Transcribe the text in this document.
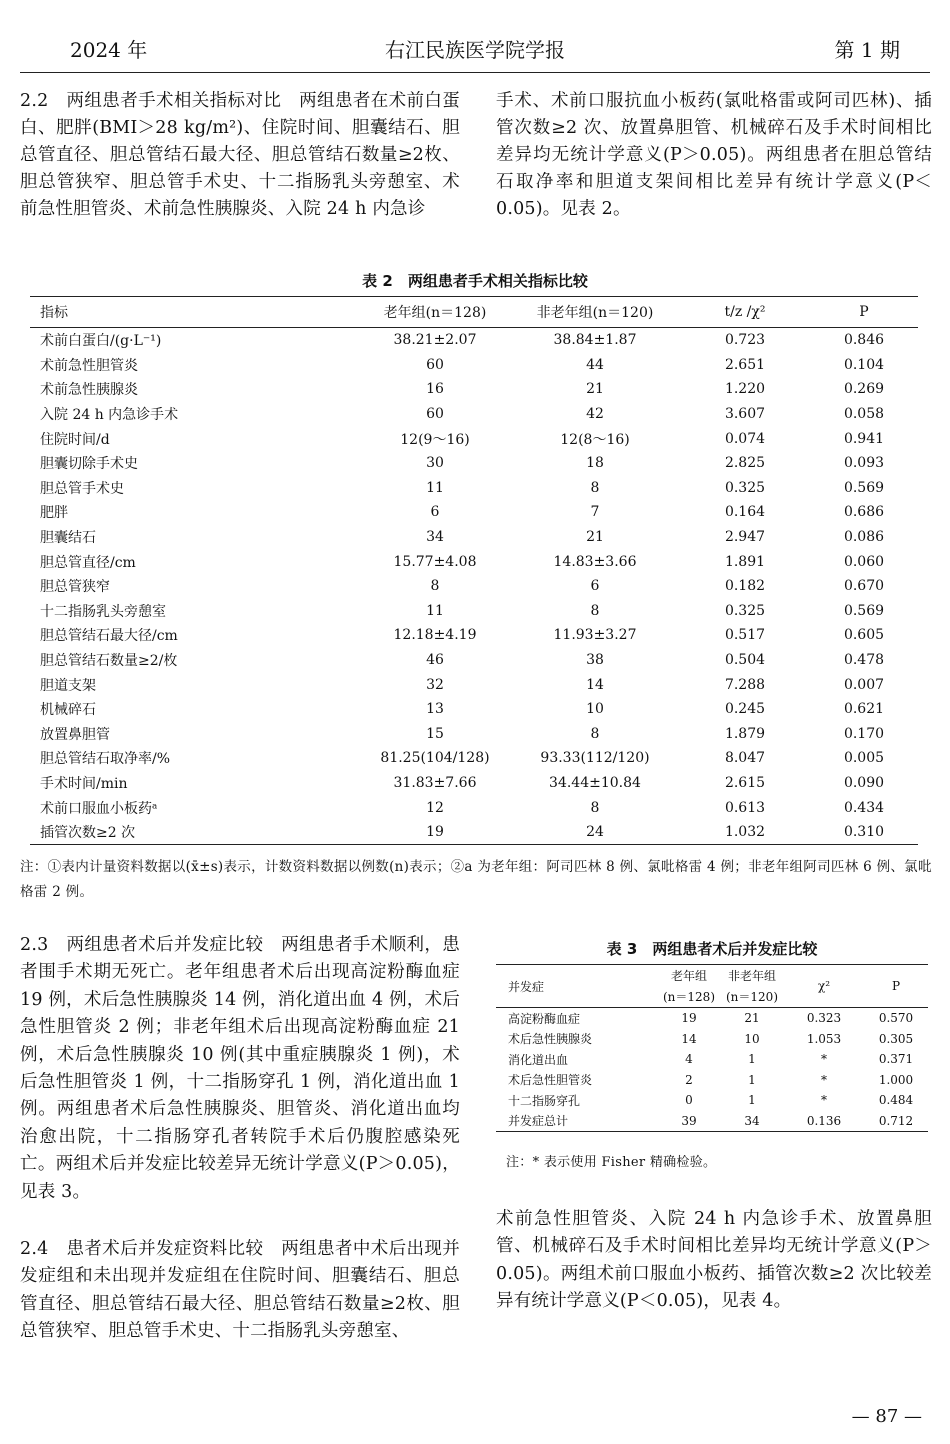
2024 年	右江民族医学院学报	第 1 期
2.2　两组患者手术相关指标对比　 两组患者在术前白蛋白、肥胖(BMI＞28 kg/m²)、住院时间、胆囊结石、胆总管直径、胆总管结石最大径、胆总管结石数量≥2枚、胆总管狭窄、胆总管手术史、十二指肠乳头旁憩室、术前急性胆管炎、术前急性胰腺炎、入院 24 h 内急诊
手术、术前口服抗血小板药(氯吡格雷或阿司匹林)、插管次数≥2 次、放置鼻胆管、机械碎石及手术时间相比差异均无统计学意义(P＞0.05)。两组患者在胆总管结石取净率和胆道支架间相比差异有统计学意义(P＜0.05)。见表 2。
表 2　两组患者手术相关指标比较
指标	老年组(n＝128)	非老年组(n＝120)	t/z /χ²	P
术前白蛋白/(g·L⁻¹)	38.21±2.07	38.84±1.87	0.723	0.846
术前急性胆管炎	60	44	2.651	0.104
术前急性胰腺炎	16	21	1.220	0.269
入院 24 h 内急诊手术	60	42	3.607	0.058
住院时间/d	12(9～16)	12(8～16)	0.074	0.941
胆囊切除手术史	30	18	2.825	0.093
胆总管手术史	11	8	0.325	0.569
肥胖	6	7	0.164	0.686
胆囊结石	34	21	2.947	0.086
胆总管直径/cm	15.77±4.08	14.83±3.66	1.891	0.060
胆总管狭窄	8	6	0.182	0.670
十二指肠乳头旁憩室	11	8	0.325	0.569
胆总管结石最大径/cm	12.18±4.19	11.93±3.27	0.517	0.605
胆总管结石数量≥2/枚	46	38	0.504	0.478
胆道支架	32	14	7.288	0.007
机械碎石	13	10	0.245	0.621
放置鼻胆管	15	8	1.879	0.170
胆总管结石取净率/%	81.25(104/128)	93.33(112/120)	8.047	0.005
手术时间/min	31.83±7.66	34.44±10.84	2.615	0.090
术前口服血小板药ᵃ	12	8	0.613	0.434
插管次数≥2 次	19	24	1.032	0.310
注：①表内计量资料数据以(x̄±s)表示，计数资料数据以例数(n)表示；②a 为老年组：阿司匹林 8 例、氯吡格雷 4 例；非老年组阿司匹林 6 例、氯吡格雷 2 例。
2.3　两组患者术后并发症比较　 两组患者手术顺利，患者围手术期无死亡。老年组患者术后出现高淀粉酶血症 19 例，术后急性胰腺炎 14 例，消化道出血 4 例，术后急性胆管炎 2 例；非老年组术后出现高淀粉酶血症 21 例，术后急性胰腺炎 10 例(其中重症胰腺炎 1 例)，术后急性胆管炎 1 例，十二指肠穿孔 1 例，消化道出血 1 例。两组患者术后急性胰腺炎、胆管炎、消化道出血均治愈出院，十二指肠穿孔者转院手术后仍腹腔感染死亡。两组术后并发症比较差异无统计学意义(P＞0.05)，见表 3。
2.4　患者术后并发症资料比较　 两组患者中术后出现并发症组和未出现并发症组在住院时间、胆囊结石、胆总管直径、胆总管结石最大径、胆总管结石数量≥2枚、胆总管狭窄、胆总管手术史、十二指肠乳头旁憩室、
表 3　两组患者术后并发症比较
并发症	老年组	非老年组	χ²	P
	(n＝128)	(n＝120)		
高淀粉酶血症	19	21	0.323	0.570
术后急性胰腺炎	14	10	1.053	0.305
消化道出血	4	1	*	0.371
术后急性胆管炎	2	1	*	1.000
十二指肠穿孔	0	1	*	0.484
并发症总计	39	34	0.136	0.712
注：* 表示使用 Fisher 精确检验。
术前急性胆管炎、入院 24 h 内急诊手术、放置鼻胆管、机械碎石及手术时间相比差异均无统计学意义(P＞0.05)。两组术前口服血小板药、插管次数≥2 次比较差异有统计学意义(P＜0.05)，见表 4。
— 87 —
